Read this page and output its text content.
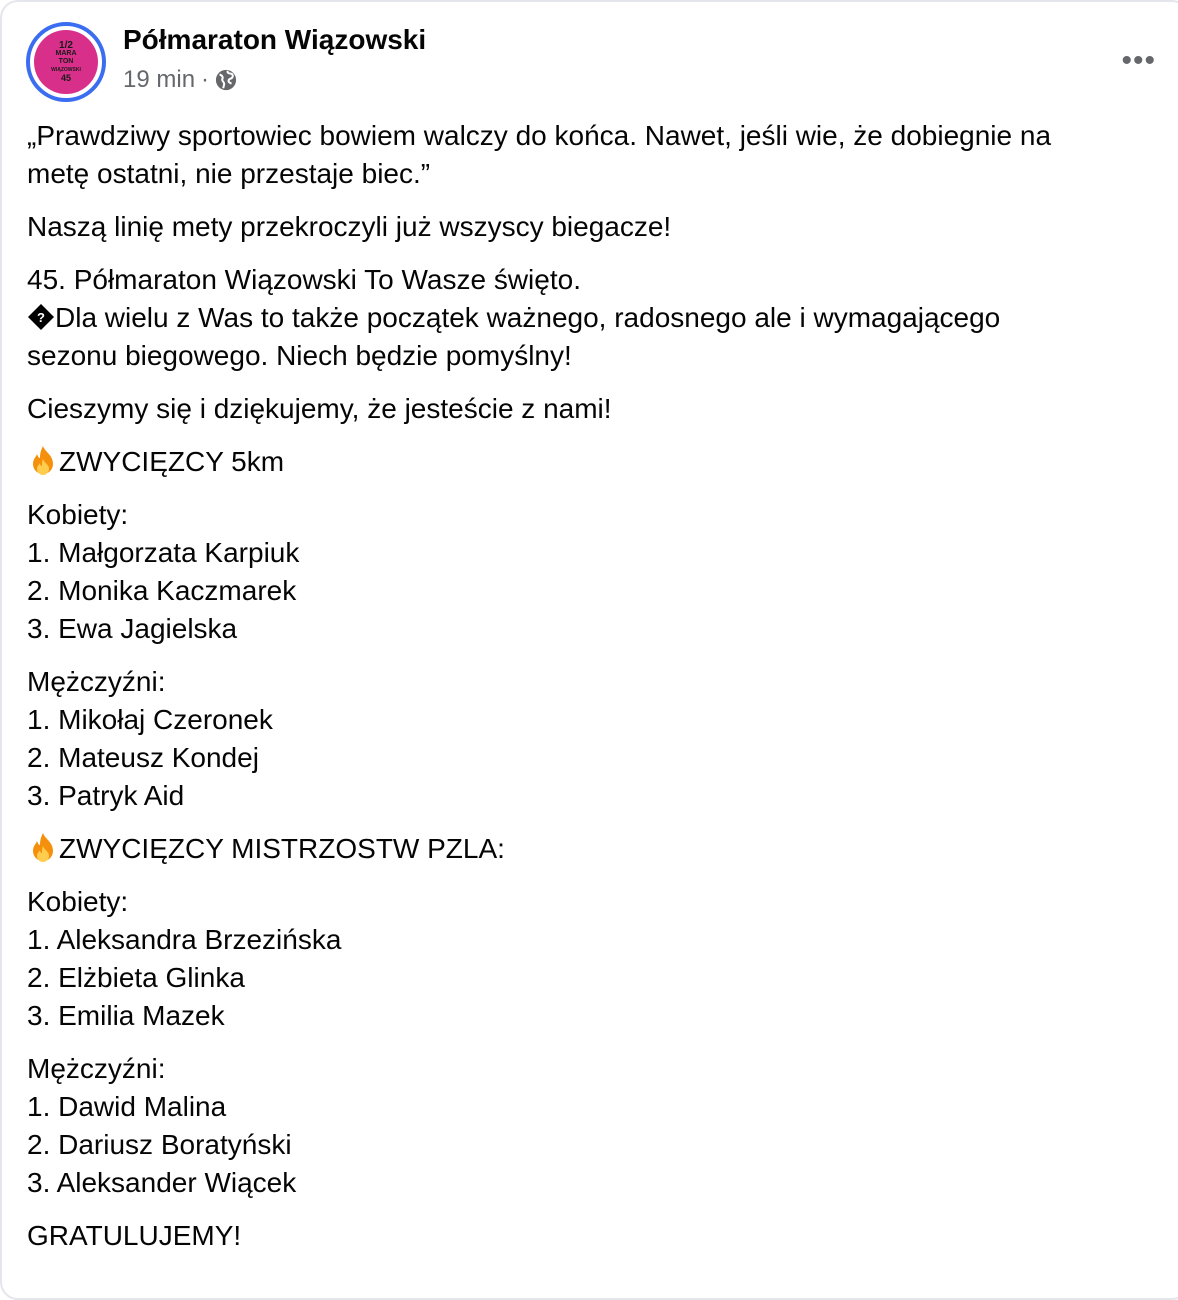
1/2
MARA
TON
WIĄZOWSKI
45
Półmaraton Wiązowski
19 min ·
•••

„Prawdziwy sportowiec bowiem walczy do końca. Nawet, jeśli wie, że dobiegnie na
metę ostatni, nie przestaje biec.”

Naszą linię mety przekroczyli już wszyscy biegacze!

45. Półmaraton Wiązowski To Wasze święto.
? Dla wielu z Was to także początek ważnego, radosnego ale i wymagającego
sezonu biegowego. Niech będzie pomyślny!

Cieszymy się i dziękujemy, że jesteście z nami!

ZWYCIĘZCY 5km

Kobiety:
1. Małgorzata Karpiuk
2. Monika Kaczmarek
3. Ewa Jagielska

Mężczyźni:
1. Mikołaj Czeronek
2. Mateusz Kondej
3. Patryk Aid

ZWYCIĘZCY MISTRZOSTW PZLA:

Kobiety:
1. Aleksandra Brzezińska
2. Elżbieta Glinka
3. Emilia Mazek

Mężczyźni:
1. Dawid Malina
2. Dariusz Boratyński
3. Aleksander Wiącek

GRATULUJEMY!
